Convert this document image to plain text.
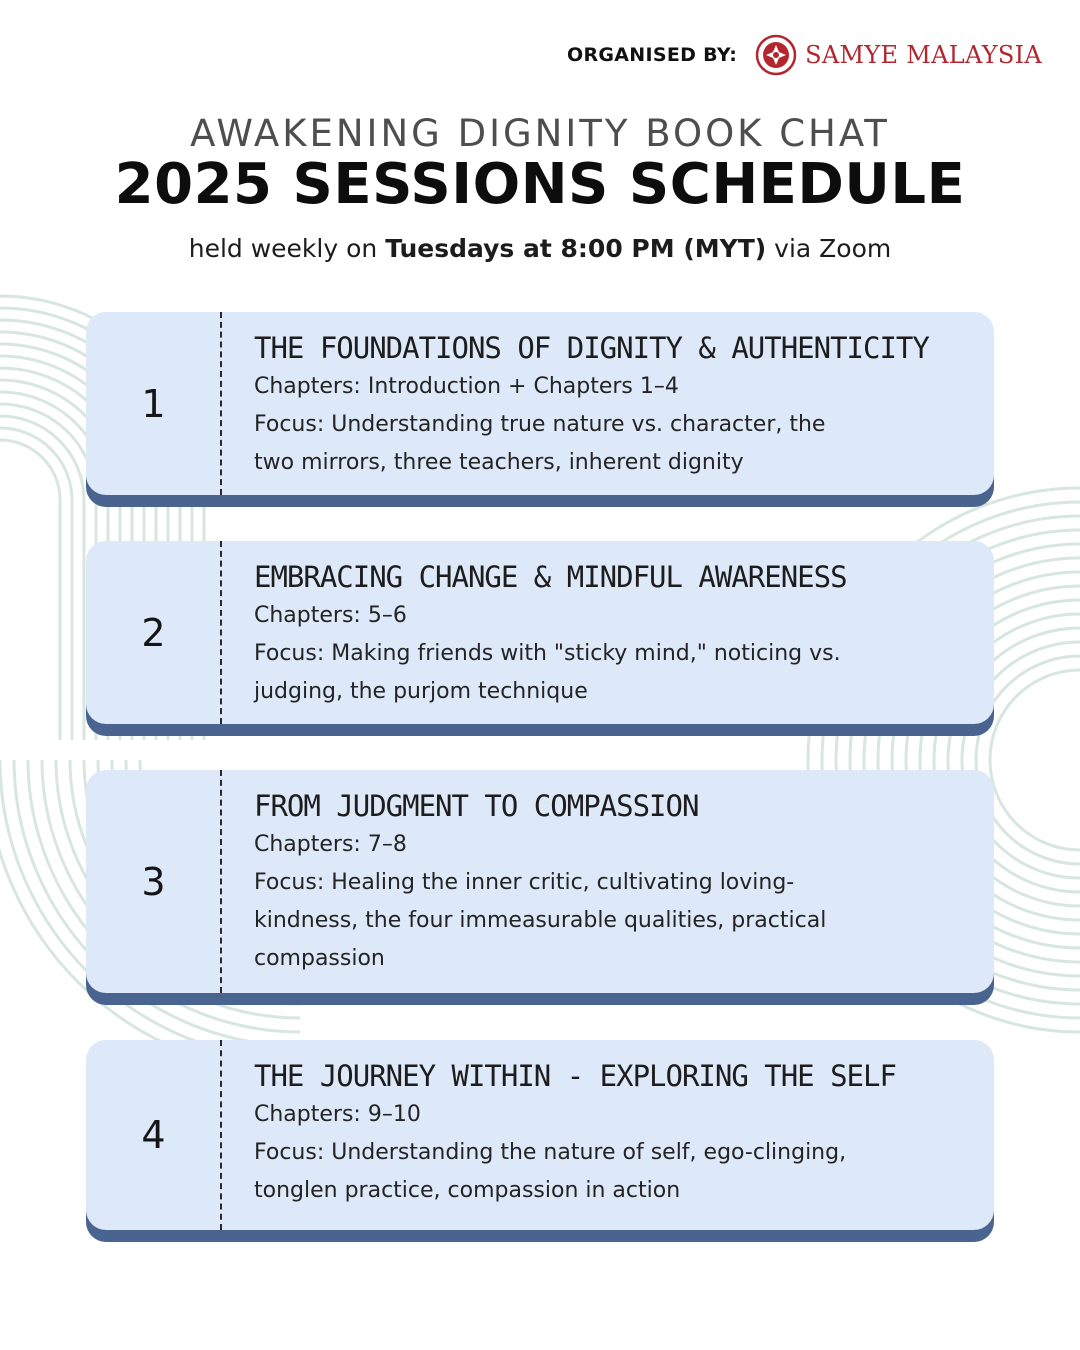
ORGANISED BY:	SAMYE MALAYSIA
AWAKENING DIGNITY BOOK CHAT
2025 SESSIONS SCHEDULE
held weekly on Tuesdays at 8:00 PM (MYT) via Zoom
1
THE FOUNDATIONS OF DIGNITY & AUTHENTICITY
Chapters: Introduction + Chapters 1–4
Focus: Understanding true nature vs. character, the
two mirrors, three teachers, inherent dignity
2
EMBRACING CHANGE & MINDFUL AWARENESS
Chapters: 5–6
Focus: Making friends with "sticky mind," noticing vs.
judging, the purjom technique
3
FROM JUDGMENT TO COMPASSION
Chapters: 7–8
Focus: Healing the inner critic, cultivating loving-
kindness, the four immeasurable qualities, practical
compassion
4
THE JOURNEY WITHIN - EXPLORING THE SELF
Chapters: 9–10
Focus: Understanding the nature of self, ego-clinging,
tonglen practice, compassion in action
